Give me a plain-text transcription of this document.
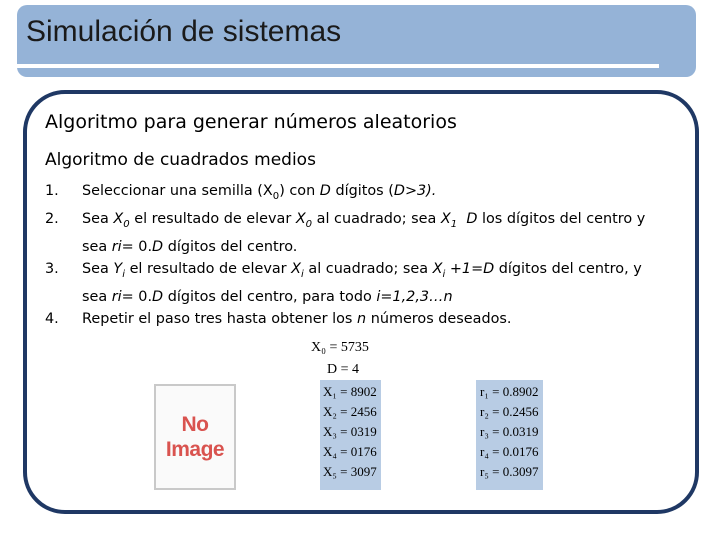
Simulación de sistemas
Algoritmo para generar números aleatorios
Algoritmo de cuadrados medios
1. Seleccionar una semilla $(X_0)$ con D dígitos (D>3).
2. Sea $X_0$ el resultado de elevar $X_0$ al cuadrado; sea $X_1$ D los dígitos del centro y sea ri= 0.D dígitos del centro.
3. Sea $Y_i$ el resultado de elevar $X_i$ al cuadrado; sea $X_i +1=D$ dígitos del centro, y sea ri= 0.D dígitos del centro, para todo i=1,2,3…n
4. Repetir el paso tres hasta obtener los n números deseados.
X₀ = 5735
D = 4
No
Image
X₁ = 8902
X₂ = 2456
X₃ = 0319
X₄ = 0176
X₅ = 3097
r₁ = 0.8902
r₂ = 0.2456
r₃ = 0.0319
r₄ = 0.0176
r₅ = 0.3097
